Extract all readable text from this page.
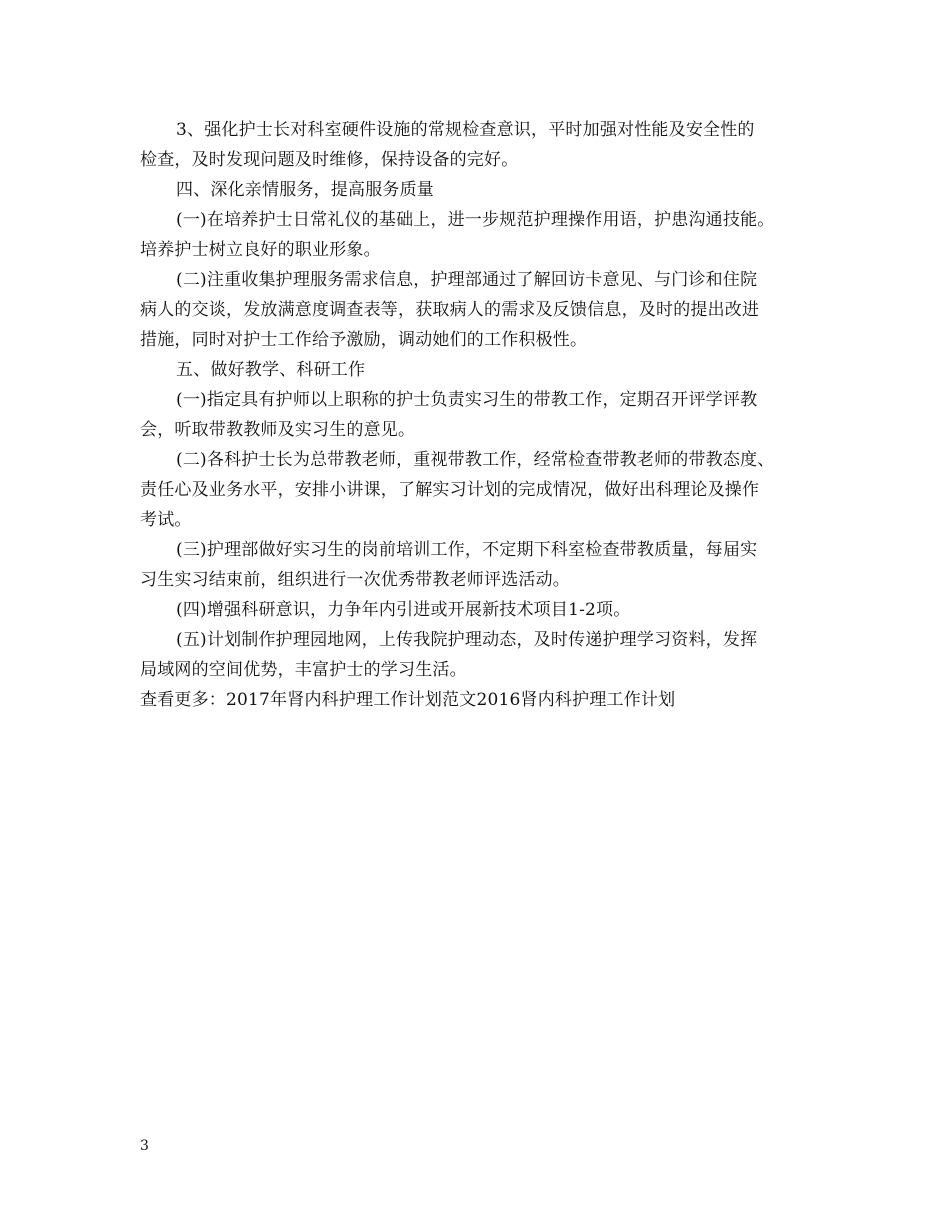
3、强化护士长对科室硬件设施的常规检查意识，平时加强对性能及安全性的
检查，及时发现问题及时维修，保持设备的完好。
四、深化亲情服务，提高服务质量
(一)在培养护士日常礼仪的基础上，进一步规范护理操作用语，护患沟通技能。
培养护士树立良好的职业形象。
(二)注重收集护理服务需求信息，护理部通过了解回访卡意见、与门诊和住院
病人的交谈，发放满意度调查表等，获取病人的需求及反馈信息，及时的提出改进
措施，同时对护士工作给予激励，调动她们的工作积极性。
五、做好教学、科研工作
(一)指定具有护师以上职称的护士负责实习生的带教工作，定期召开评学评教
会，听取带教教师及实习生的意见。
(二)各科护士长为总带教老师，重视带教工作，经常检查带教老师的带教态度、
责任心及业务水平，安排小讲课，了解实习计划的完成情况，做好出科理论及操作
考试。
(三)护理部做好实习生的岗前培训工作，不定期下科室检查带教质量，每届实
习生实习结束前，组织进行一次优秀带教老师评选活动。
(四)增强科研意识，力争年内引进或开展新技术项目1-2项。
(五)计划制作护理园地网，上传我院护理动态，及时传递护理学习资料，发挥
局域网的空间优势，丰富护士的学习生活。
查看更多：2017年肾内科护理工作计划范文2016肾内科护理工作计划
3
